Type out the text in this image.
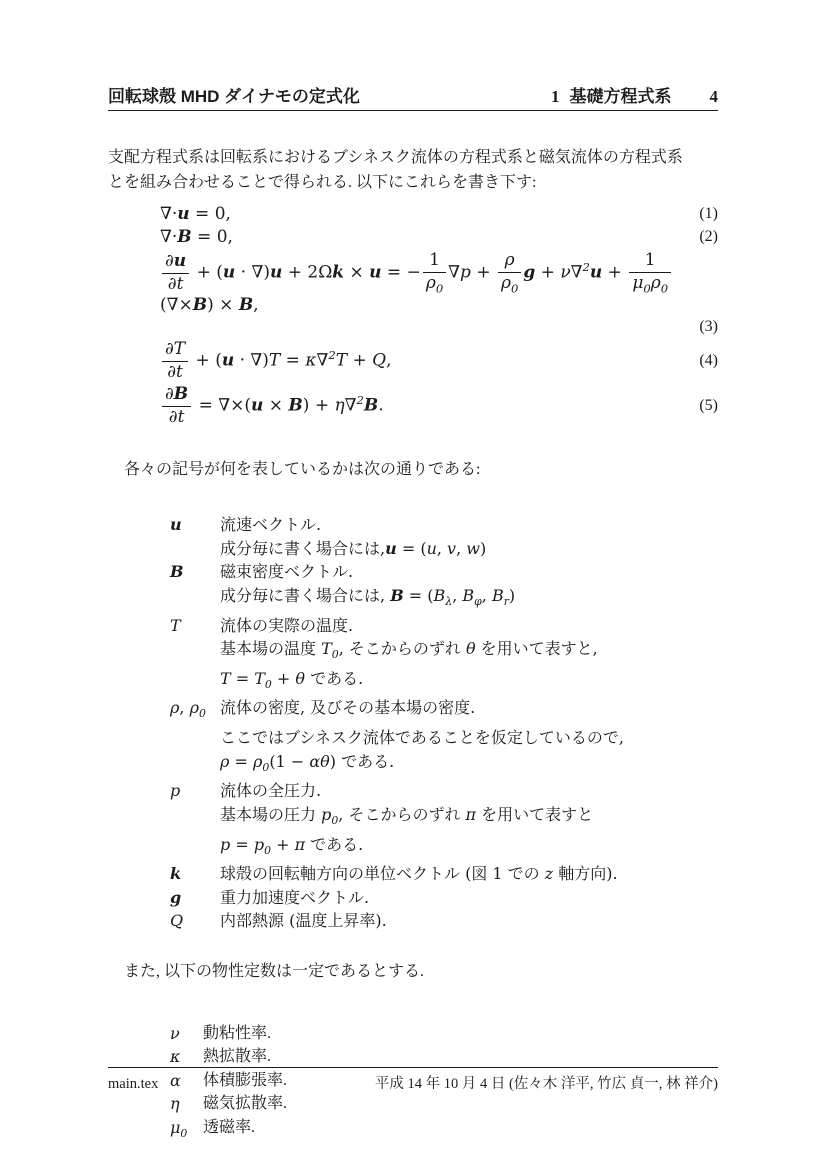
回転球殻 MHD ダイナモの定式化	1 基礎方程式系 4
支配方程式系は回転系におけるブシネスク流体の方程式系と磁気流体の方程式系
とを組み合わせることで得られる. 以下にこれらを書き下す:
∇·u = 0,	(1)
∇·B = 0,	(2)
$\frac{\partial u}{\partial t} + (u \cdot \nabla)u + 2\Omega k \times u$ = − $\frac{1}{\rho_0} \nabla p + \frac{\rho}{\rho_0}$ $g + \nu\nabla^2u + \frac{1}{\mu_0\rho_0}$
(∇×B) × B,
(3)
$\frac{\partial T}{\partial t} + (u \cdot \nabla)T = \kappa\nabla^2T + Q$,	(4)
$\frac{\partial B}{\partial t} = \nabla\times(u \times B) + \eta\nabla^2B$.	(5)
各々の記号が何を表しているかは次の通りである:
u	流速ベクトル.
成分毎に書く場合には,u = (u, v, w)
B	磁束密度ベクトル.
成分毎に書く場合には, $B = (B_\lambda$, $B_\varphi$, $B_r$)
T	流体の実際の温度.
基本場の温度 $T_0$, そこからのずれ θ を用いて表すと,
$T = T_0 + \theta$ である.
ρ, $\rho_0$ 流体の密度, 及びその基本場の密度.
ここではブシネスク流体であることを仮定しているので,
$\rho = \rho_0(1 - \alpha\theta)$ である.
p	流体の全圧力.
基本場の圧力 $p_0$, そこからのずれ π を用いて表すと
$p = p_0 + \pi$ である.
k	球殻の回転軸方向の単位ベクトル (図 1 での z 軸方向).
g	重力加速度ベクトル.
Q	内部熱源 (温度上昇率).
また, 以下の物性定数は一定であるとする.
ν	動粘性率.
κ	熱拡散率.
α	体積膨張率.
η	磁気拡散率.
$\mu_0$ 透磁率.
main.tex	平成 14 年 10 月 4 日 (佐々木 洋平, 竹広 貞一, 林 祥介)
